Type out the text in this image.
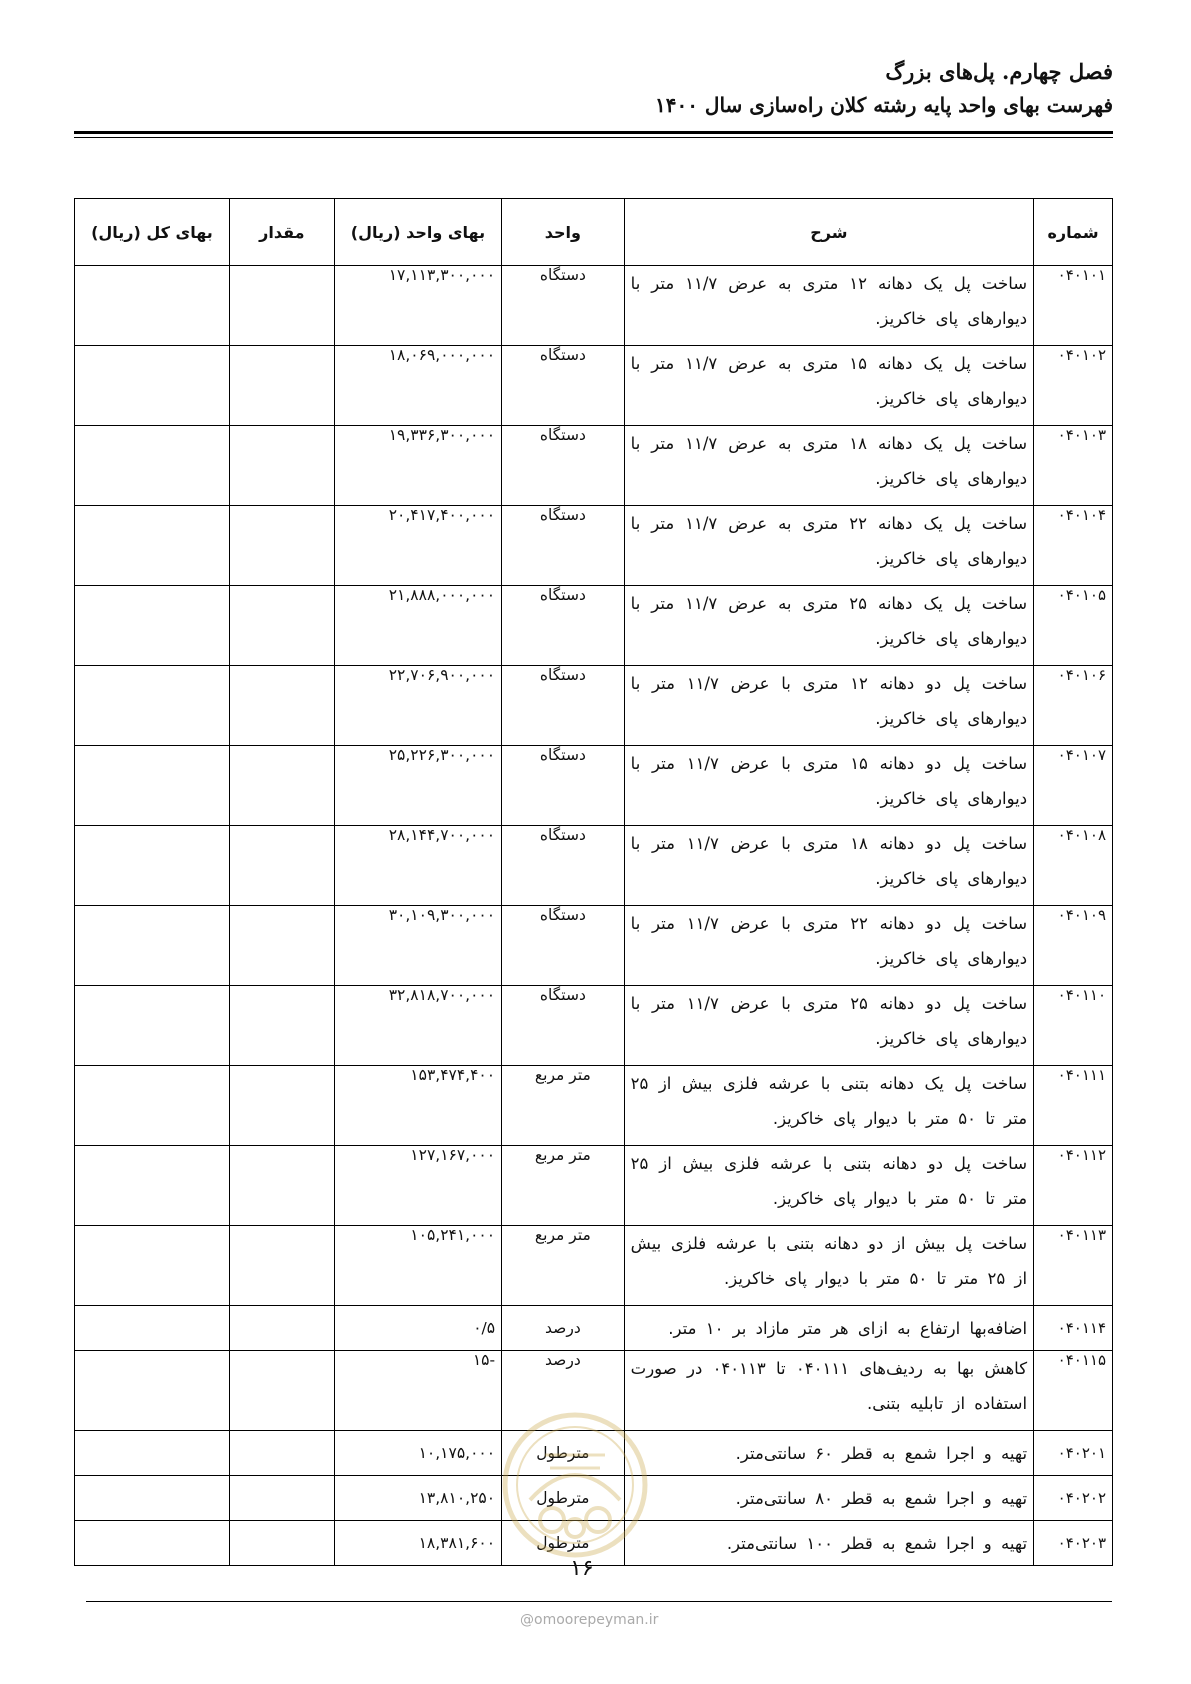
فصل چهارم. پل‌های بزرگ
فهرست بهای واحد پایه رشته کلان راه‌سازی سال ۱۴۰۰
شماره	شرح	واحد	بهای واحد (ریال)	مقدار	بهای کل (ریال)
۰۴۰۱۰۱	ساخت پل یک دهانه ۱۲ متری به عرض ۱۱/۷ متر با دیوارهای پای خاکریز.	دستگاه	۱۷,۱۱۳,۳۰۰,۰۰۰		
۰۴۰۱۰۲	ساخت پل یک دهانه ۱۵ متری به عرض ۱۱/۷ متر با دیوارهای پای خاکریز.	دستگاه	۱۸,۰۶۹,۰۰۰,۰۰۰		
۰۴۰۱۰۳	ساخت پل یک دهانه ۱۸ متری به عرض ۱۱/۷ متر با دیوارهای پای خاکریز.	دستگاه	۱۹,۳۳۶,۳۰۰,۰۰۰		
۰۴۰۱۰۴	ساخت پل یک دهانه ۲۲ متری به عرض ۱۱/۷ متر با دیوارهای پای خاکریز.	دستگاه	۲۰,۴۱۷,۴۰۰,۰۰۰		
۰۴۰۱۰۵	ساخت پل یک دهانه ۲۵ متری به عرض ۱۱/۷ متر با دیوارهای پای خاکریز.	دستگاه	۲۱,۸۸۸,۰۰۰,۰۰۰		
۰۴۰۱۰۶	ساخت پل دو دهانه ۱۲ متری با عرض ۱۱/۷ متر با دیوارهای پای خاکریز.	دستگاه	۲۲,۷۰۶,۹۰۰,۰۰۰		
۰۴۰۱۰۷	ساخت پل دو دهانه ۱۵ متری با عرض ۱۱/۷ متر با دیوارهای پای خاکریز.	دستگاه	۲۵,۲۲۶,۳۰۰,۰۰۰		
۰۴۰۱۰۸	ساخت پل دو دهانه ۱۸ متری با عرض ۱۱/۷ متر با دیوارهای پای خاکریز.	دستگاه	۲۸,۱۴۴,۷۰۰,۰۰۰		
۰۴۰۱۰۹	ساخت پل دو دهانه ۲۲ متری با عرض ۱۱/۷ متر با دیوارهای پای خاکریز.	دستگاه	۳۰,۱۰۹,۳۰۰,۰۰۰		
۰۴۰۱۱۰	ساخت پل دو دهانه ۲۵ متری با عرض ۱۱/۷ متر با دیوارهای پای خاکریز.	دستگاه	۳۲,۸۱۸,۷۰۰,۰۰۰		
۰۴۰۱۱۱	ساخت پل یک دهانه بتنی با عرشه فلزی بیش از ۲۵ متر تا ۵۰ متر با دیوار پای خاکریز.	متر مربع	۱۵۳,۴۷۴,۴۰۰		
۰۴۰۱۱۲	ساخت پل دو دهانه بتنی با عرشه فلزی بیش از ۲۵ متر تا ۵۰ متر با دیوار پای خاکریز.	متر مربع	۱۲۷,۱۶۷,۰۰۰		
۰۴۰۱۱۳	ساخت پل بیش از دو دهانه بتنی با عرشه فلزی بیش از ۲۵ متر تا ۵۰ متر با دیوار پای خاکریز.	متر مربع	۱۰۵,۲۴۱,۰۰۰		
۰۴۰۱۱۴	اضافه‌بها ارتفاع به ازای هر متر مازاد بر ۱۰ متر.	درصد	۰/۵		
۰۴۰۱۱۵	کاهش بها به ردیف‌های ۰۴۰۱۱۱ تا ۰۴۰۱۱۳ در صورت استفاده از تابلیه بتنی.	درصد	-۱۵		
۰۴۰۲۰۱	تهیه و اجرا شمع به قطر ۶۰ سانتی‌متر.	مترطول	۱۰,۱۷۵,۰۰۰		
۰۴۰۲۰۲	تهیه و اجرا شمع به قطر ۸۰ سانتی‌متر.	مترطول	۱۳,۸۱۰,۲۵۰		
۰۴۰۲۰۳	تهیه و اجرا شمع به قطر ۱۰۰ سانتی‌متر.	مترطول	۱۸,۳۸۱,۶۰۰		
۱۶
@omoorepeyman.ir
